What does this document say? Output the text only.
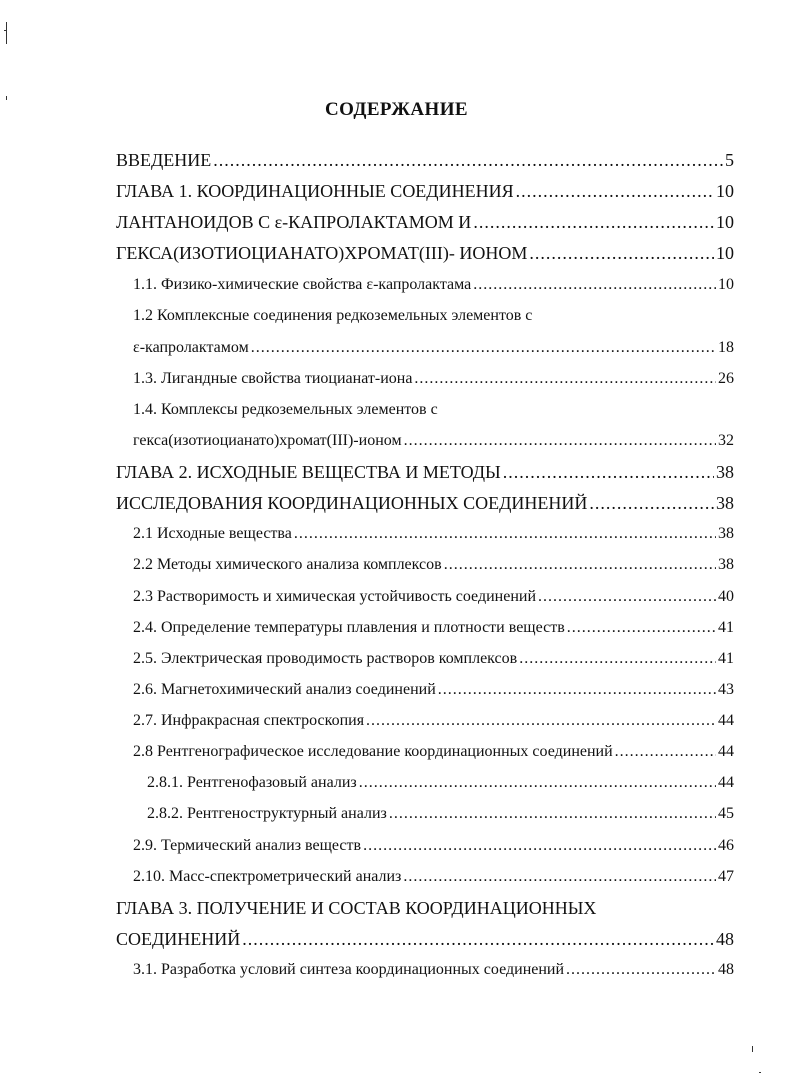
СОДЕРЖАНИЕ
ВВЕДЕНИЕ .....	5
ГЛАВА 1. КООРДИНАЦИОННЫЕ СОЕДИНЕНИЯ .....	10
ЛАНТАНОИДОВ С ε-КАПРОЛАКТАМОМ И .....	10
ГЕКСА(ИЗОТИОЦИАНАТО)ХРОМАТ(III)- ИОНОМ .....	10
1.1. Физико-химические свойства ε-капролактама .....	10
1.2 Комплексные соединения редкоземельных элементов с
ε-капролактамом .....	18
1.3. Лигандные свойства тиоцианат-иона .....	26
1.4. Комплексы редкоземельных элементов с
гекса(изотиоцианато)хромат(III)-ионом .....	32
ГЛАВА 2. ИСХОДНЫЕ ВЕЩЕСТВА И МЕТОДЫ .....	38
ИССЛЕДОВАНИЯ КООРДИНАЦИОННЫХ СОЕДИНЕНИЙ .....	38
2.1 Исходные вещества .....	38
2.2 Методы химического анализа комплексов .....	38
2.3 Растворимость и химическая устойчивость соединений .....	40
2.4. Определение температуры плавления и плотности веществ .....	41
2.5. Электрическая проводимость растворов комплексов .....	41
2.6. Магнетохимический анализ соединений .....	43
2.7. Инфракрасная спектроскопия .....	44
2.8 Рентгенографическое исследование координационных соединений .....	44
2.8.1. Рентгенофазовый анализ .....	44
2.8.2. Рентгеноструктурный анализ .....	45
2.9. Термический анализ веществ .....	46
2.10. Масс-спектрометрический анализ .....	47
ГЛАВА 3. ПОЛУЧЕНИЕ И СОСТАВ КООРДИНАЦИОННЫХ
СОЕДИНЕНИЙ .....	48
3.1. Разработка условий синтеза координационных соединений .....	48
